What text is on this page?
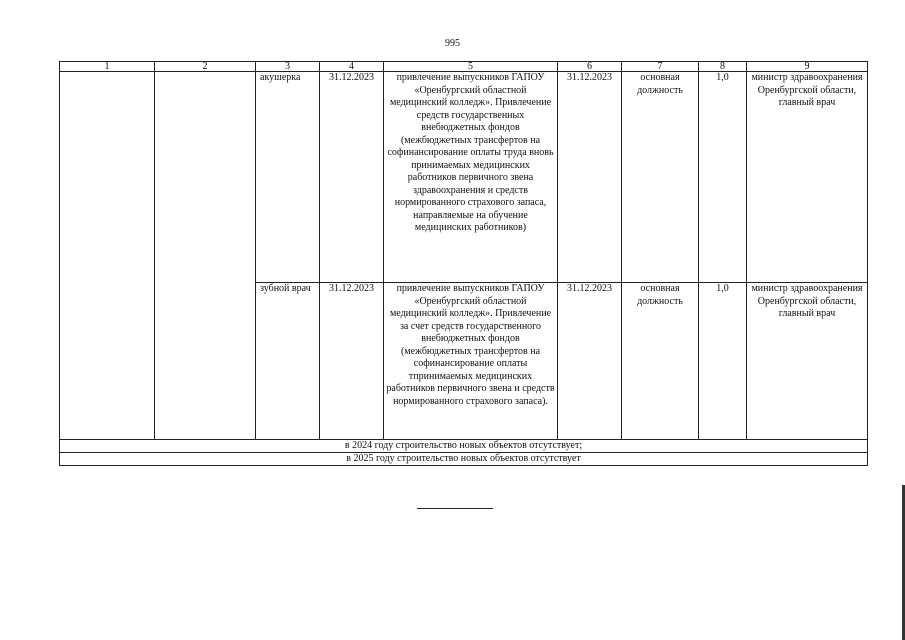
995
1	2	3	4	5	6	7	8	9
		акушерка	31.12.2023	привлечение выпускников ГАПОУ «Оренбургский областной медицинский колледж». Привлечение средств государственных внебюджетных фондов (межбюджетных трансфертов на софинансирование оплаты труда вновь принимаемых медицинских работников первичного звена здравоохранения и средств нормированного страхового запаса, направляемые на обучение медицинских работников)	31.12.2023	основная должность	1,0	министр здравоохранения Оренбургской области, главный врач
		зубной врач	31.12.2023	привлечение выпускников ГАПОУ «Оренбургский областной медицинский колледж». Привлечение за счет средств государственного внебюджетных фондов (межбюджетных трансфертов на софинансирование оплаты тпринимаемых медицинских работников первичного звена и средств нормированного страхового запаса).	31.12.2023	основная должность	1,0	министр здравоохранения Оренбургской области, главный врач
в 2024 году строительство новых объектов отсутствует;								
в 2025 году строительство новых объектов отсутствует								
